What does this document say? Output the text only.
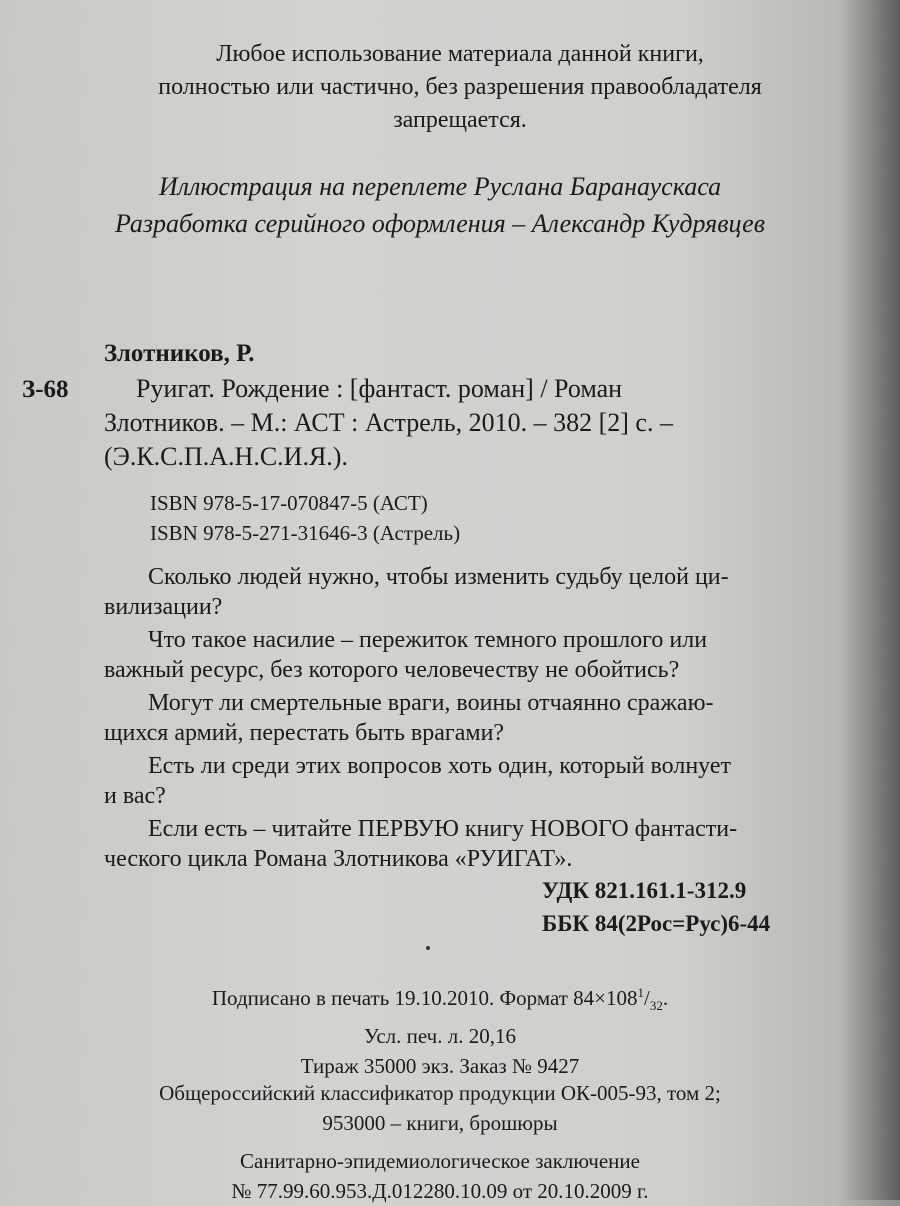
Любое использование материала данной книги,
полностью или частично, без разрешения правообладателя
запрещается.
Иллюстрация на переплете Руслана Баранаускаса
Разработка серийного оформления – Александр Кудрявцев
Злотников, Р.
З-68	Руигат. Рождение : [фантаст. роман] / Роман
Злотников. – М.: АСТ : Астрель, 2010. – 382 [2] с. –
(Э.К.С.П.А.Н.С.И.Я.).
ISBN 978-5-17-070847-5 (АСТ)
ISBN 978-5-271-31646-3 (Астрель)

Сколько людей нужно, чтобы изменить судьбу целой ци-
вилизации?

Что такое насилие – пережиток темного прошлого или
важный ресурс, без которого человечеству не обойтись?

Могут ли смертельные враги, воины отчаянно сражаю-
щихся армий, перестать быть врагами?

Есть ли среди этих вопросов хоть один, который волнует
и вас?

Если есть – читайте ПЕРВУЮ книгу НОВОГО фантасти-
ческого цикла Романа Злотникова «РУИГАТ».

УДК 821.161.1-312.9
ББК 84(2Рос=Рус)6-44
Подписано в печать 19.10.2010. Формат $84\times 108^1/_{32}$.
Усл. печ. л. 20,16
Тираж 35000 экз. Заказ № 9427
Общероссийский классификатор продукции ОК-005-93, том 2;
953000 – книги, брошюры
Санитарно-эпидемиологическое заключение
№ 77.99.60.953.Д.012280.10.09 от 20.10.2009 г.
